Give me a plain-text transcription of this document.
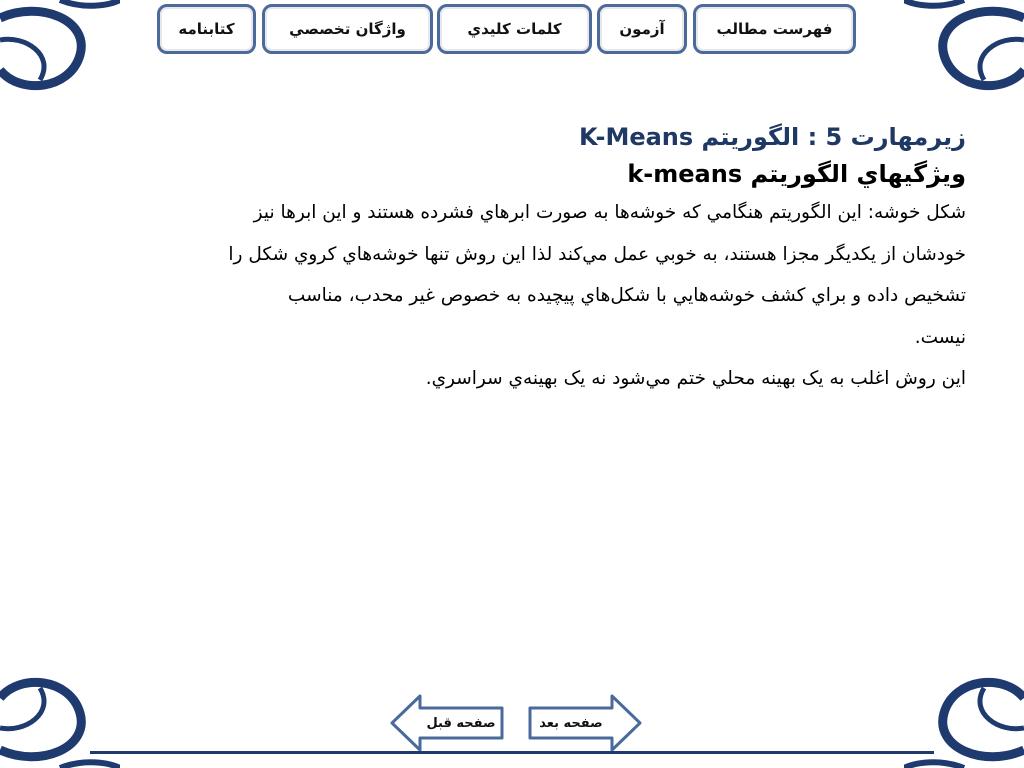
كتابنامه	واژگان تخصصي	كلمات كليدي	آزمون	فهرست مطالب
زیرمهارت 5 : الگوریتم K-Means
ويژگيهاي الگوريتم k-means

شكل خوشه: اين الگوريتم هنگامي كه خوشه‌ها به صورت ابرهاي فشرده هستند و اين ابرها نيز

خودشان از يكديگر مجزا هستند، به خوبي عمل مي‌كند لذا اين روش تنها خوشه‌هاي كروي شكل را

تشخيص داده و براي كشف خوشه‌هايي با شكل‌هاي پيچيده به خصوص غير محدب، مناسب

نيست.

اين روش اغلب به يک بهينه محلي ختم مي‌شود نه يک بهينه‌ي سراسري.

صفحه قبل	صفحه بعد
